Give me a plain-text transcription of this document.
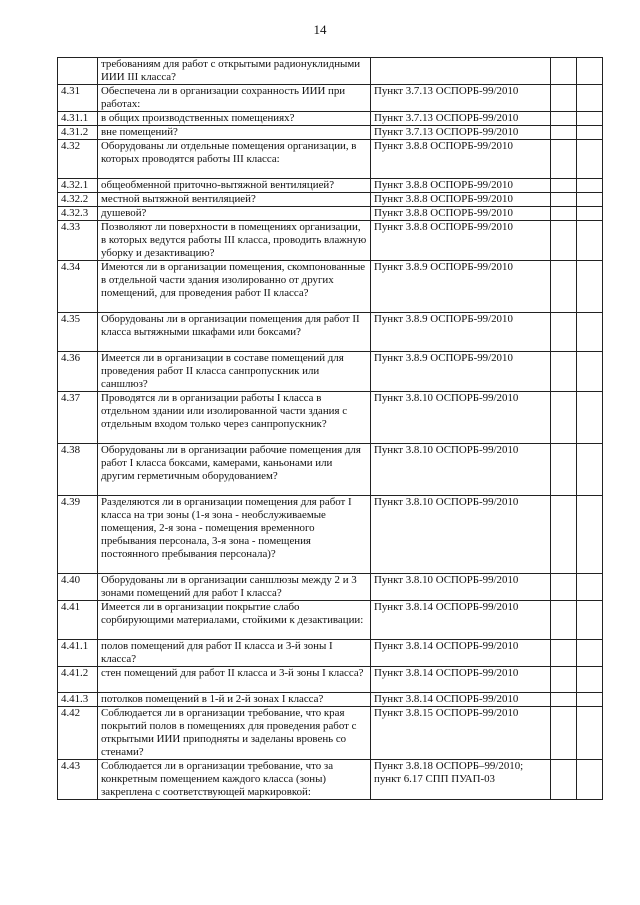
14
	требованиям для работ с открытыми радионуклидными ИИИ III класса?			
4.31	Обеспечена ли в организации сохранность ИИИ при работах:	Пункт 3.7.13 ОСПОРБ-99/2010		
4.31.1	в общих производственных помещениях?	Пункт 3.7.13 ОСПОРБ-99/2010		
4.31.2	вне помещений?	Пункт 3.7.13 ОСПОРБ-99/2010		
4.32	Оборудованы ли отдельные помещения организации, в которых проводятся работы III класса:	Пункт 3.8.8 ОСПОРБ-99/2010		
4.32.1	общеобменной приточно-вытяжной вентиляцией?	Пункт 3.8.8 ОСПОРБ-99/2010		
4.32.2	местной вытяжной вентиляцией?	Пункт 3.8.8 ОСПОРБ-99/2010		
4.32.3	душевой?	Пункт 3.8.8 ОСПОРБ-99/2010		
4.33	Позволяют ли поверхности в помещениях организации, в которых ведутся работы III класса, проводить влажную уборку и дезактивацию?	Пункт 3.8.8 ОСПОРБ-99/2010		
4.34	Имеются ли в организации помещения, скомпонованные в отдельной части здания изолированно от других помещений, для проведения работ II класса?	Пункт 3.8.9 ОСПОРБ-99/2010		
4.35	Оборудованы ли в организации помещения для работ II класса вытяжными шкафами или боксами?	Пункт 3.8.9 ОСПОРБ-99/2010		
4.36	Имеется ли в организации в составе помещений для проведения работ II класса санпропускник или саншлюз?	Пункт 3.8.9 ОСПОРБ-99/2010		
4.37	Проводятся ли в организации работы I класса в отдельном здании или изолированной части здания с отдельным входом только через санпропускник?	Пункт 3.8.10 ОСПОРБ-99/2010		
4.38	Оборудованы ли в организации рабочие помещения для работ I класса боксами, камерами, каньонами или другим герметичным оборудованием?	Пункт 3.8.10 ОСПОРБ-99/2010		
4.39	Разделяются ли в организации помещения для работ I класса на три зоны (1-я зона - необслуживаемые помещения, 2-я зона - помещения временного пребывания персонала, 3-я зона - помещения постоянного пребывания персонала)?	Пункт 3.8.10 ОСПОРБ-99/2010		
4.40	Оборудованы ли в организации саншлюзы между 2 и 3 зонами помещений для работ I класса?	Пункт 3.8.10 ОСПОРБ-99/2010		
4.41	Имеется ли в организации покрытие слабо сорбирующими материалами, стойкими к дезактивации:	Пункт 3.8.14 ОСПОРБ-99/2010		
4.41.1	полов помещений для работ II класса и 3-й зоны I класса?	Пункт 3.8.14 ОСПОРБ-99/2010		
4.41.2	стен помещений для работ II класса и 3-й зоны I класса?	Пункт 3.8.14 ОСПОРБ-99/2010		
4.41.3	потолков помещений в 1-й и 2-й зонах I класса?	Пункт 3.8.14 ОСПОРБ-99/2010		
4.42	Соблюдается ли в организации требование, что края покрытий полов в помещениях для проведения работ с открытыми ИИИ приподняты и заделаны вровень со стенами?	Пункт 3.8.15 ОСПОРБ-99/2010		
4.43	Соблюдается ли в организации требование, что за конкретным помещением каждого класса (зоны) закреплена с соответствующей маркировкой:	Пункт 3.8.18 ОСПОРБ–99/2010; пункт 6.17 СПП ПУАП-03		
